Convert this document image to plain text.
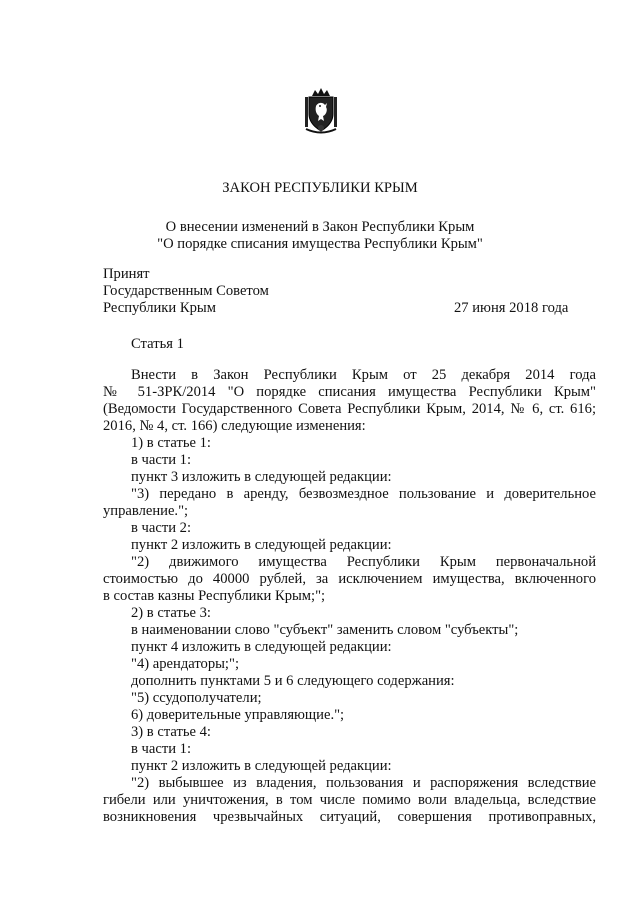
ЗАКОН РЕСПУБЛИКИ КРЫМ
О внесении изменений в Закон Республики Крым
"О порядке списания имущества Республики Крым"
Принят
Государственным Советом
Республики Крым	27 июня 2018 года
Статья 1
Внести в Закон Республики Крым от 25 декабря 2014 года
№ 51-ЗРК/2014 "О порядке списания имущества Республики Крым"
(Ведомости Государственного Совета Республики Крым, 2014, № 6, ст. 616;
2016, № 4, ст. 166) следующие изменения:
1) в статье 1:
в части 1:
пункт 3 изложить в следующей редакции:
"3) передано в аренду, безвозмездное пользование и доверительное
управление.";
в части 2:
пункт 2 изложить в следующей редакции:
"2) движимого имущества Республики Крым первоначальной
стоимостью до 40000 рублей, за исключением имущества, включенного
в состав казны Республики Крым;";
2) в статье 3:
в наименовании слово "субъект" заменить словом "субъекты";
пункт 4 изложить в следующей редакции:
"4) арендаторы;";
дополнить пунктами 5 и 6 следующего содержания:
"5) ссудополучатели;
6) доверительные управляющие.";
3) в статье 4:
в части 1:
пункт 2 изложить в следующей редакции:
"2) выбывшее из владения, пользования и распоряжения вследствие
гибели или уничтожения, в том числе помимо воли владельца, вследствие
возникновения чрезвычайных ситуаций, совершения противоправных,
